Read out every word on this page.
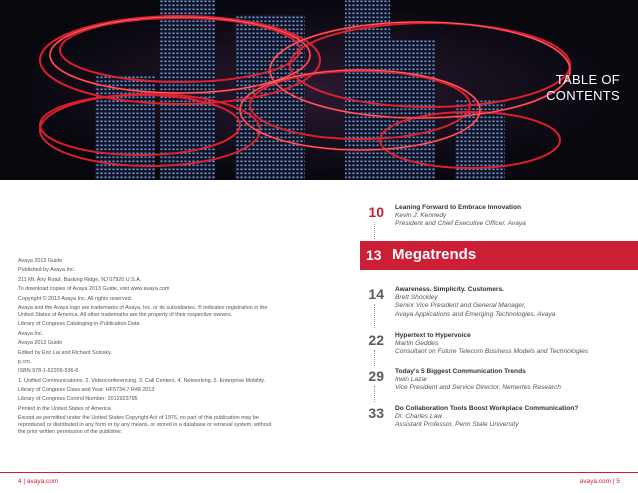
TABLE OF
CONTENTS

Avaya 2013 Guide

Published by Avaya Inc.

211 Mt. Airy Road, Basking Ridge, NJ 07920 U.S.A.

To download copies of Avaya 2013 Guide, visit www.avaya.com

Copyright © 2013 Avaya Inc. All rights reserved.

Avaya and the Avaya logo are trademarks of Avaya, Inc. or its subsidiaries. ® indicates registration in the United States of America. All other trademarks are the property of their respective owners.

Library of Congress Cataloging-in-Publication Data

Avaya Inc.

Avaya 2013 Guide

Edited by Eric Lai and Richard Solosky.

p.cm.

ISBN 978-1-62209-536-8

1. Unified Communications. 2. Videoconferencing. 3. Call Centers. 4. Networking. 5. Enterprise Mobility.

Library of Congress Class and Year: HF5734.7 R48 2013

Library of Congress Control Number: 2012923795

Printed in the United States of America

Except as permitted under the United States Copyright Act of 1976, no part of this publication may be reproduced or distributed in any form or by any means, or stored in a database or retrieval system, without the prior written permission of the publisher.

10 Leaning Forward to Embrace Innovation
Kevin J. Kennedy
President and Chief Executive Officer, Avaya
13 Megatrends
14 Awareness. Simplicity. Customers.
Brett Shockley
Senior Vice President and General Manager,
Avaya Applications and Emerging Technologies, Avaya
22 Hypertext to Hypervoice
Martin Geddes
Consultant on Future Telecom Business Models and Technologies
29 Today's 5 Biggest Communication Trends
Irwin Lazar
Vice President and Service Director, Nemertes Research
33 Do Collaboration Tools Boost Workplace Communication?
Dr. Charles Law
Assistant Professor, Penn State University
4 | avaya.com	avaya.com | 5
